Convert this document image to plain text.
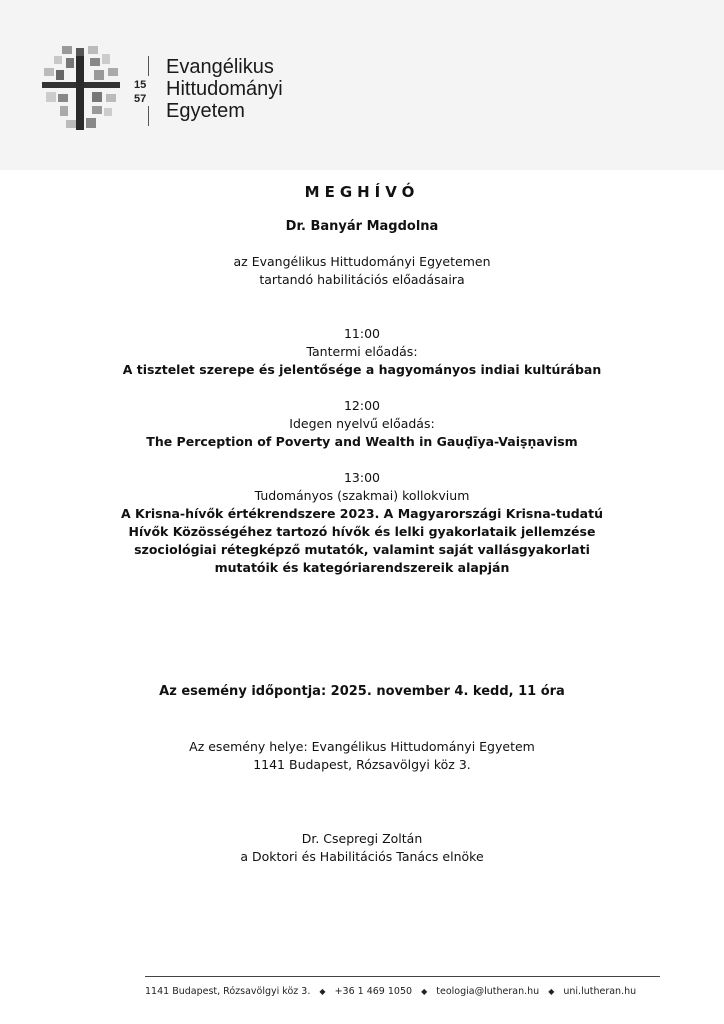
15
57
Evangélikus
Hittudományi
Egyetem
MEGHÍVÓ
Dr. Banyár Magdolna
az Evangélikus Hittudományi Egyetemen
tartandó habilitációs előadásaira
11:00
Tantermi előadás:
A tisztelet szerepe és jelentősége a hagyományos indiai kultúrában
12:00
Idegen nyelvű előadás:
The Perception of Poverty and Wealth in Gauḍīya-Vaiṣṇavism
13:00
Tudományos (szakmai) kollokvium
A Krisna-hívők értékrendszere 2023. A Magyarországi Krisna-tudatú
Hívők Közösségéhez tartozó hívők és lelki gyakorlataik jellemzése
szociológiai rétegképző mutatók, valamint saját vallásgyakorlati
mutatóik és kategóriarendszereik alapján
Az esemény időpontja: 2025. november 4. kedd, 11 óra
Az esemény helye: Evangélikus Hittudományi Egyetem
1141 Budapest, Rózsavölgyi köz 3.
Dr. Csepregi Zoltán
a Doktori és Habilitációs Tanács elnöke
1141 Budapest, Rózsavölgyi köz 3. ◆ +36 1 469 1050 ◆ teologia@lutheran.hu ◆ uni.lutheran.hu
